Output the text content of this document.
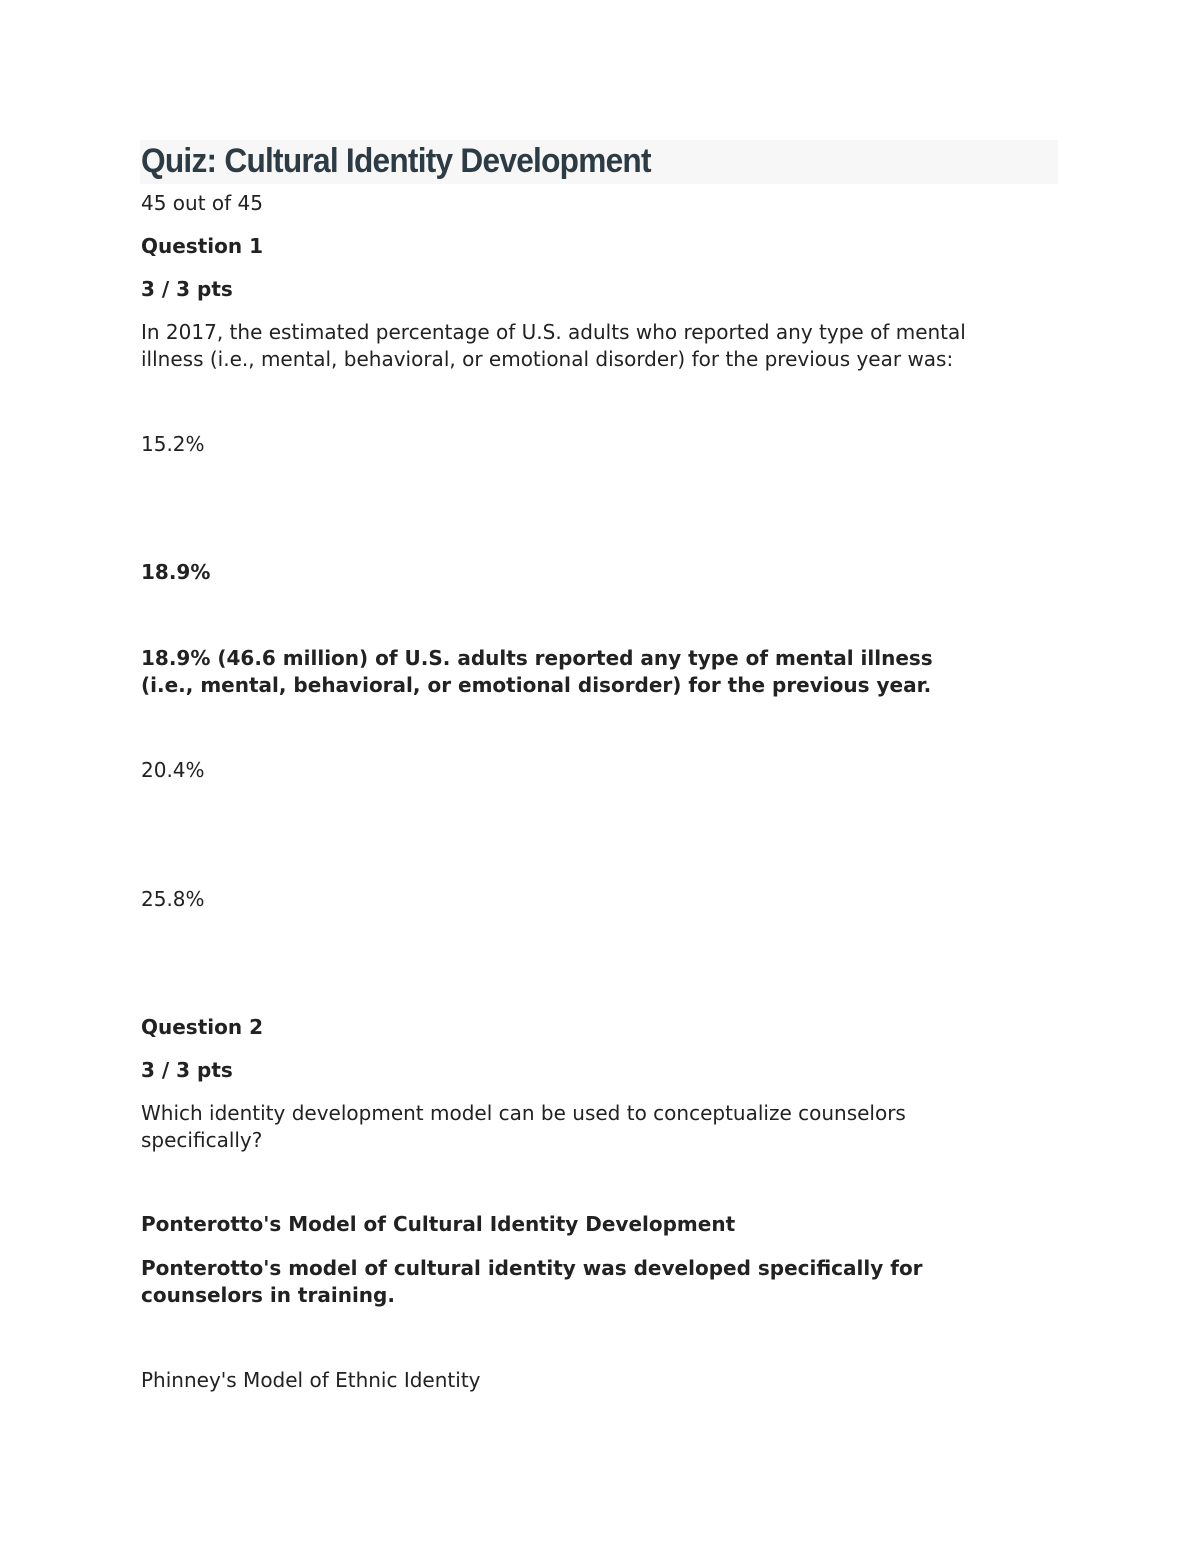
Quiz: Cultural Identity Development

45 out of 45

Question 1

3 / 3 pts

In 2017, the estimated percentage of U.S. adults who reported any type of mental

illness (i.e., mental, behavioral, or emotional disorder) for the previous year was:

15.2%

18.9%

18.9% (46.6 million) of U.S. adults reported any type of mental illness

(i.e., mental, behavioral, or emotional disorder) for the previous year.

20.4%

25.8%

Question 2

3 / 3 pts

Which identity development model can be used to conceptualize counselors

specifically?

Ponterotto's Model of Cultural Identity Development

Ponterotto's model of cultural identity was developed specifically for

counselors in training.

Phinney's Model of Ethnic Identity
